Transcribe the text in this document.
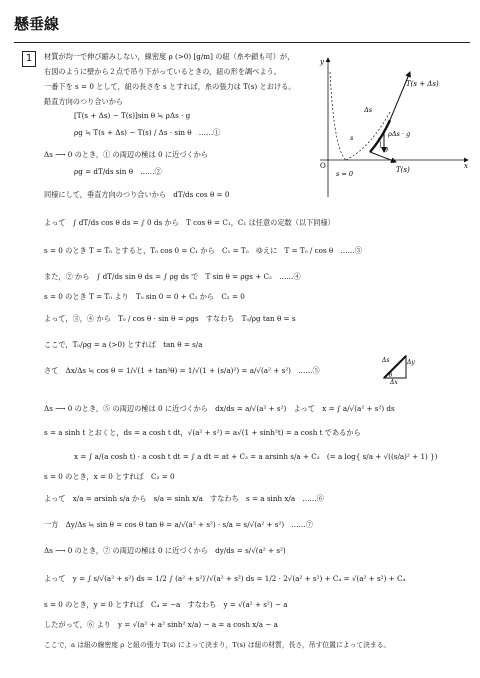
懸垂線
1	材質が均一で伸び縮みしない，線密度 ρ (>0) [g/m] の紐（糸や鎖も可）が，
右図のように壁から２点で吊り下がっているときの，紐の形を調べよう。
一番下を s = 0 として，紐の長さを s とすれば，糸の張力は T(s) とおける。
鉛直方向のつり合いから
[T(s + Δs) − T(s)]sin θ ≒ ρΔs · g
ρg ≒ T(s + Δs) − T(s) / Δs · sin θ　……①
Δs ⟶ 0 のとき，① の両辺の極は 0 に近づくから
ρg = dT/ds sin θ　……②
同様にして，垂直方向のつり合いから　dT/ds cos θ = 0
よって　∫ dT/ds cos θ ds = ∫ 0 ds から　T cos θ = C₁，C₁ は任意の定数（以下同様）
s = 0 のとき T = T₀ とすると，T₀ cos 0 = C₁ から　C₁ = T₀　ゆえに　T = T₀ / cos θ　……③
また，② から　∫ dT/ds sin θ ds = ∫ ρg ds で　T sin θ = ρgs + C₂　……④
s = 0 のとき T = T₀ より　T₀ sin 0 = 0 + C₂ から　C₂ = 0
よって，③，④ から　T₀ / cos θ · sin θ = ρgs　すなわち　T₀/ρg tan θ = s
ここで，T₀/ρg = a (>0) とすれば　tan θ = s/a
さて　Δx/Δs ≒ cos θ = 1/√(1 + tan²θ) = 1/√(1 + (s/a)²) = a/√(a² + s²)　……⑤
Δs ⟶ 0 のとき，⑤ の両辺の極は 0 に近づくから　dx/ds = a/√(a² + s²)　よって　x = ∫ a/√(a² + s²) ds
s = a sinh t とおくと，ds = a cosh t dt，√(a² + s²) = a√(1 + sinh²t) = a cosh t であるから
x = ∫ a/(a cosh t) · a cosh t dt = ∫ a dt = at + C₃ = a arsinh s/a + C₃　(= a log{ s/a + √((s/a)² + 1) })
s = 0 のとき，x = 0 とすれば　C₃ = 0
よって　x/a = arsinh s/a から　s/a = sinh x/a　すなわち　s = a sinh x/a　……⑥
一方　Δy/Δs ≒ sin θ = cos θ tan θ = a/√(a² + s²) · s/a = s/√(a² + s²)　……⑦
Δs ⟶ 0 のとき，⑦ の両辺の極は 0 に近づくから　dy/ds = s/√(a² + s²)
よって　y = ∫ s/√(a² + s²) ds = 1/2 ∫ (a² + s²)′/√(a² + s²) ds = 1/2 · 2√(a² + s²) + C₄ = √(a² + s²) + C₄
s = 0 のとき，y = 0 とすれば　C₄ = −a　すなわち　y = √(a² + s²) − a
したがって，⑥ より　y = √(a² + a² sinh² x/a) − a = a cosh x/a − a
ここで，a は紐の線密度 ρ と紐の張力 T(s) によって決まり，T(s) は紐の材質，長さ，吊す位置によって決まる。
y
x
O
s = 0
Δs
s
T(s + Δs)
T(s)
ρΔs · g
θ
Δs	Δy
Δx
θ
